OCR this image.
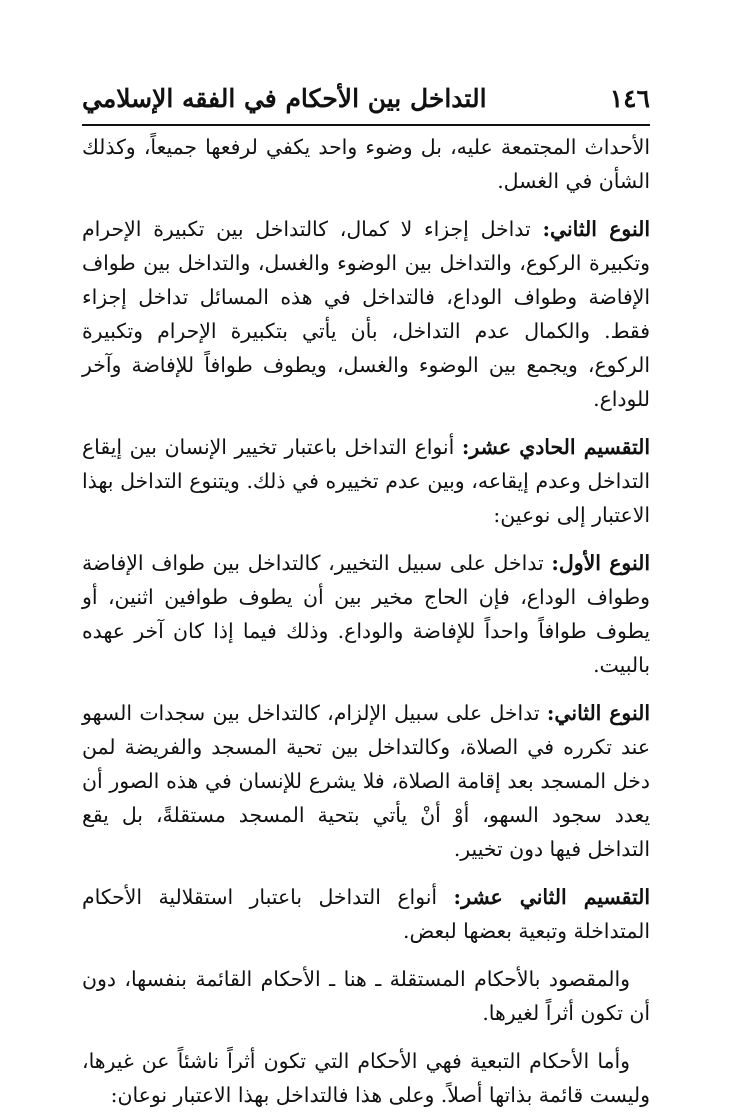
١٤٦
التداخل بين الأحكام في الفقه الإسلامي

الأحداث المجتمعة عليه، بل وضوء واحد يكفي لرفعها جميعاً، وكذلك الشأن في الغسل.

النوع الثاني: تداخل إجزاء لا كمال، كالتداخل بين تكبيرة الإحرام وتكبيرة الركوع، والتداخل بين الوضوء والغسل، والتداخل بين طواف الإفاضة وطواف الوداع، فالتداخل في هذه المسائل تداخل إجزاء فقط. والكمال عدم التداخل، بأن يأتي بتكبيرة الإحرام وتكبيرة الركوع، ويجمع بين الوضوء والغسل، ويطوف طوافاً للإفاضة وآخر للوداع.

التقسيم الحادي عشر: أنواع التداخل باعتبار تخيير الإنسان بين إيقاع التداخل وعدم إيقاعه، وبين عدم تخييره في ذلك. ويتنوع التداخل بهذا الاعتبار إلى نوعين:

النوع الأول: تداخل على سبيل التخيير، كالتداخل بين طواف الإفاضة وطواف الوداع، فإن الحاج مخير بين أن يطوف طوافين اثنين، أو يطوف طوافاً واحداً للإفاضة والوداع. وذلك فيما إذا كان آخر عهده بالبيت.

النوع الثاني: تداخل على سبيل الإلزام، كالتداخل بين سجدات السهو عند تكرره في الصلاة، وكالتداخل بين تحية المسجد والفريضة لمن دخل المسجد بعد إقامة الصلاة، فلا يشرع للإنسان في هذه الصور أن يعدد سجود السهو، أوْ أنْ يأتي بتحية المسجد مستقلةً، بل يقع التداخل فيها دون تخيير.

التقسيم الثاني عشر: أنواع التداخل باعتبار استقلالية الأحكام المتداخلة وتبعية بعضها لبعض.

والمقصود بالأحكام المستقلة ـ هنا ـ الأحكام القائمة بنفسها، دون أن تكون أثراً لغيرها.

وأما الأحكام التبعية فهي الأحكام التي تكون أثراً ناشئاً عن غيرها، وليست قائمة بذاتها أصلاً. وعلى هذا فالتداخل بهذا الاعتبار نوعان:
